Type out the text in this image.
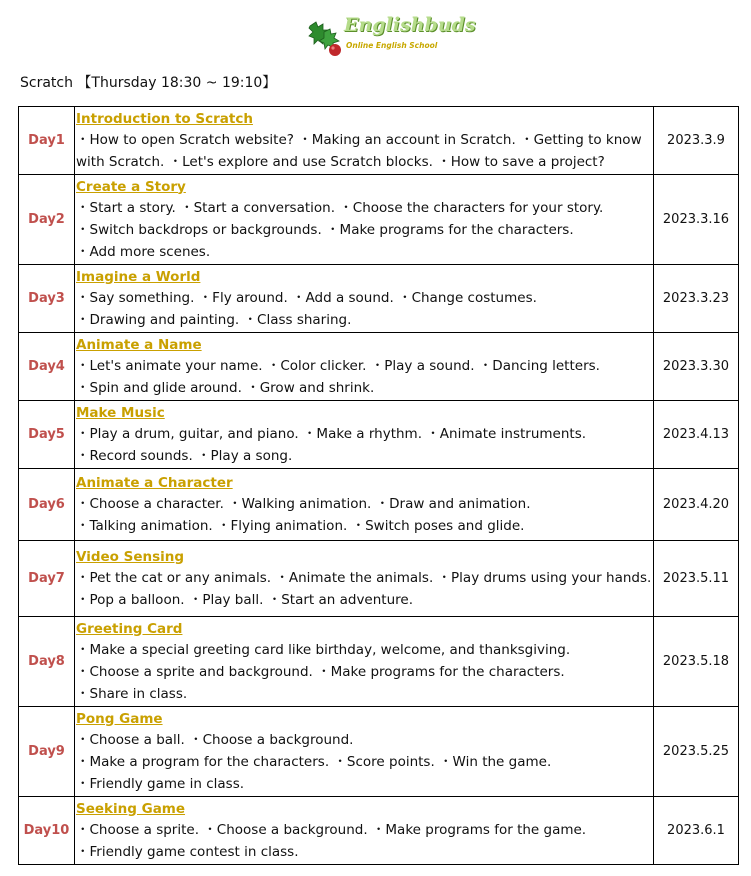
Englishbuds
Online English School
Scratch 【Thursday 18:30 ~ 19:10】
Day1	Introduction to Scratch
・How to open Scratch website? ・Making an account in Scratch. ・Getting to know
with Scratch. ・Let's explore and use Scratch blocks. ・How to save a project?	2023.3.9
Day2	Create a Story
・Start a story. ・Start a conversation. ・Choose the characters for your story.
・Switch backdrops or backgrounds. ・Make programs for the characters.
・Add more scenes.	2023.3.16
Day3	Imagine a World
・Say something. ・Fly around. ・Add a sound. ・Change costumes.
・Drawing and painting. ・Class sharing.	2023.3.23
Day4	Animate a Name
・Let's animate your name. ・Color clicker. ・Play a sound. ・Dancing letters.
・Spin and glide around. ・Grow and shrink.	2023.3.30
Day5	Make Music
・Play a drum, guitar, and piano. ・Make a rhythm. ・Animate instruments.
・Record sounds. ・Play a song.	2023.4.13
Day6	Animate a Character
・Choose a character. ・Walking animation. ・Draw and animation.
・Talking animation. ・Flying animation. ・Switch poses and glide.	2023.4.20
Day7	Video Sensing
・Pet the cat or any animals. ・Animate the animals. ・Play drums using your hands.
・Pop a balloon. ・Play ball. ・Start an adventure.	2023.5.11
Day8	Greeting Card
・Make a special greeting card like birthday, welcome, and thanksgiving.
・Choose a sprite and background. ・Make programs for the characters.
・Share in class.	2023.5.18
Day9	Pong Game
・Choose a ball. ・Choose a background.
・Make a program for the characters. ・Score points. ・Win the game.
・Friendly game in class.	2023.5.25
Day10	Seeking Game
・Choose a sprite. ・Choose a background. ・Make programs for the game.
・Friendly game contest in class.	2023.6.1
